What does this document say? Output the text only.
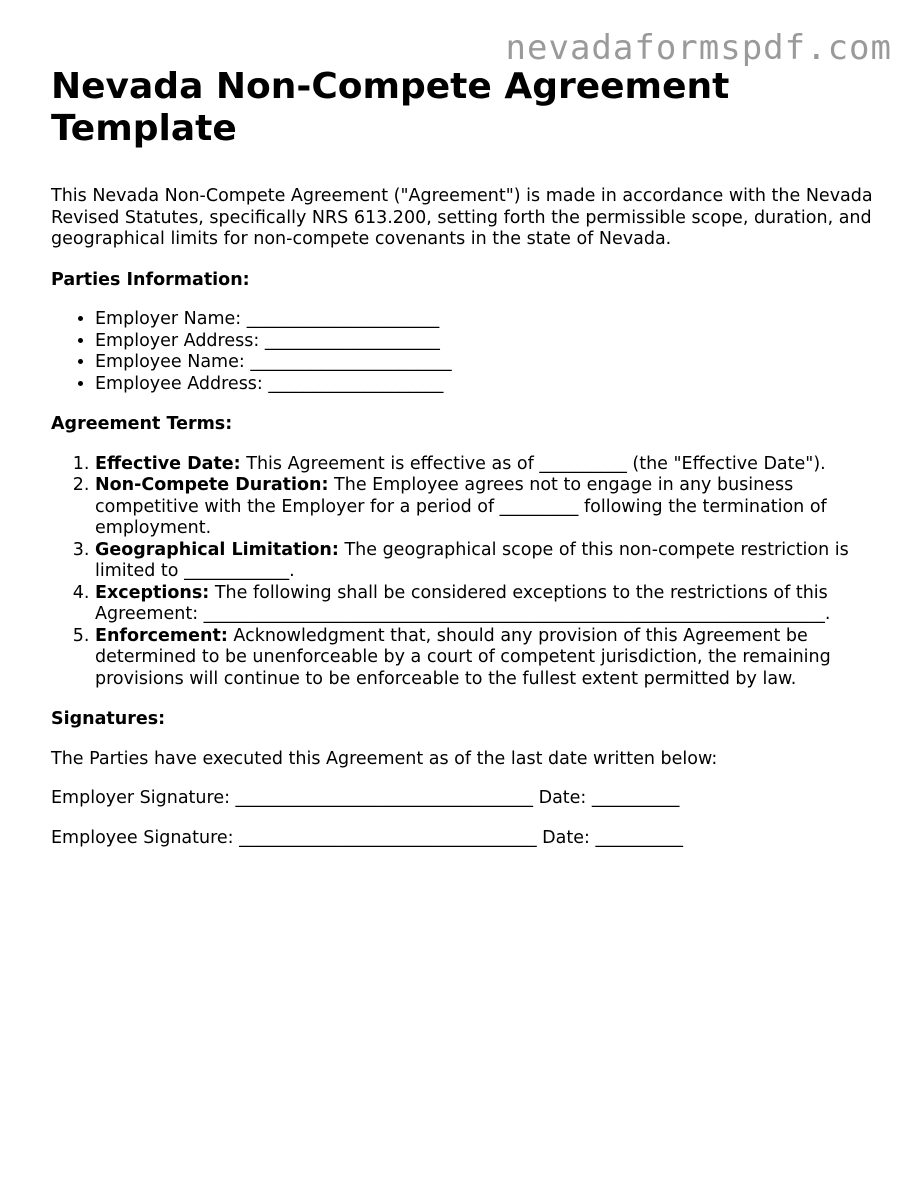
nevadaformspdf.com
Nevada Non-Compete Agreement Template

This Nevada Non-Compete Agreement ("Agreement") is made in accordance with the Nevada Revised Statutes, specifically NRS 613.200, setting forth the permissible scope, duration, and geographical limits for non-compete covenants in the state of Nevada.

Parties Information:
• Employer Name: ______________________
• Employer Address: ____________________
• Employee Name: _______________________
• Employee Address: ____________________
Agreement Terms:
1. Effective Date: This Agreement is effective as of __________ (the "Effective Date").
2. Non-Compete Duration: The Employee agrees not to engage in any business competitive with the Employer for a period of _________ following the termination of employment.
3. Geographical Limitation: The geographical scope of this non-compete restriction is limited to ____________.
4. Exceptions: The following shall be considered exceptions to the restrictions of this Agreement: _______________________________________________________________________.
5. Enforcement: Acknowledgment that, should any provision of this Agreement be determined to be unenforceable by a court of competent jurisdiction, the remaining provisions will continue to be enforceable to the fullest extent permitted by law.
Signatures:

The Parties have executed this Agreement as of the last date written below:

Employer Signature: __________________________________ Date: __________

Employee Signature: __________________________________ Date: __________
